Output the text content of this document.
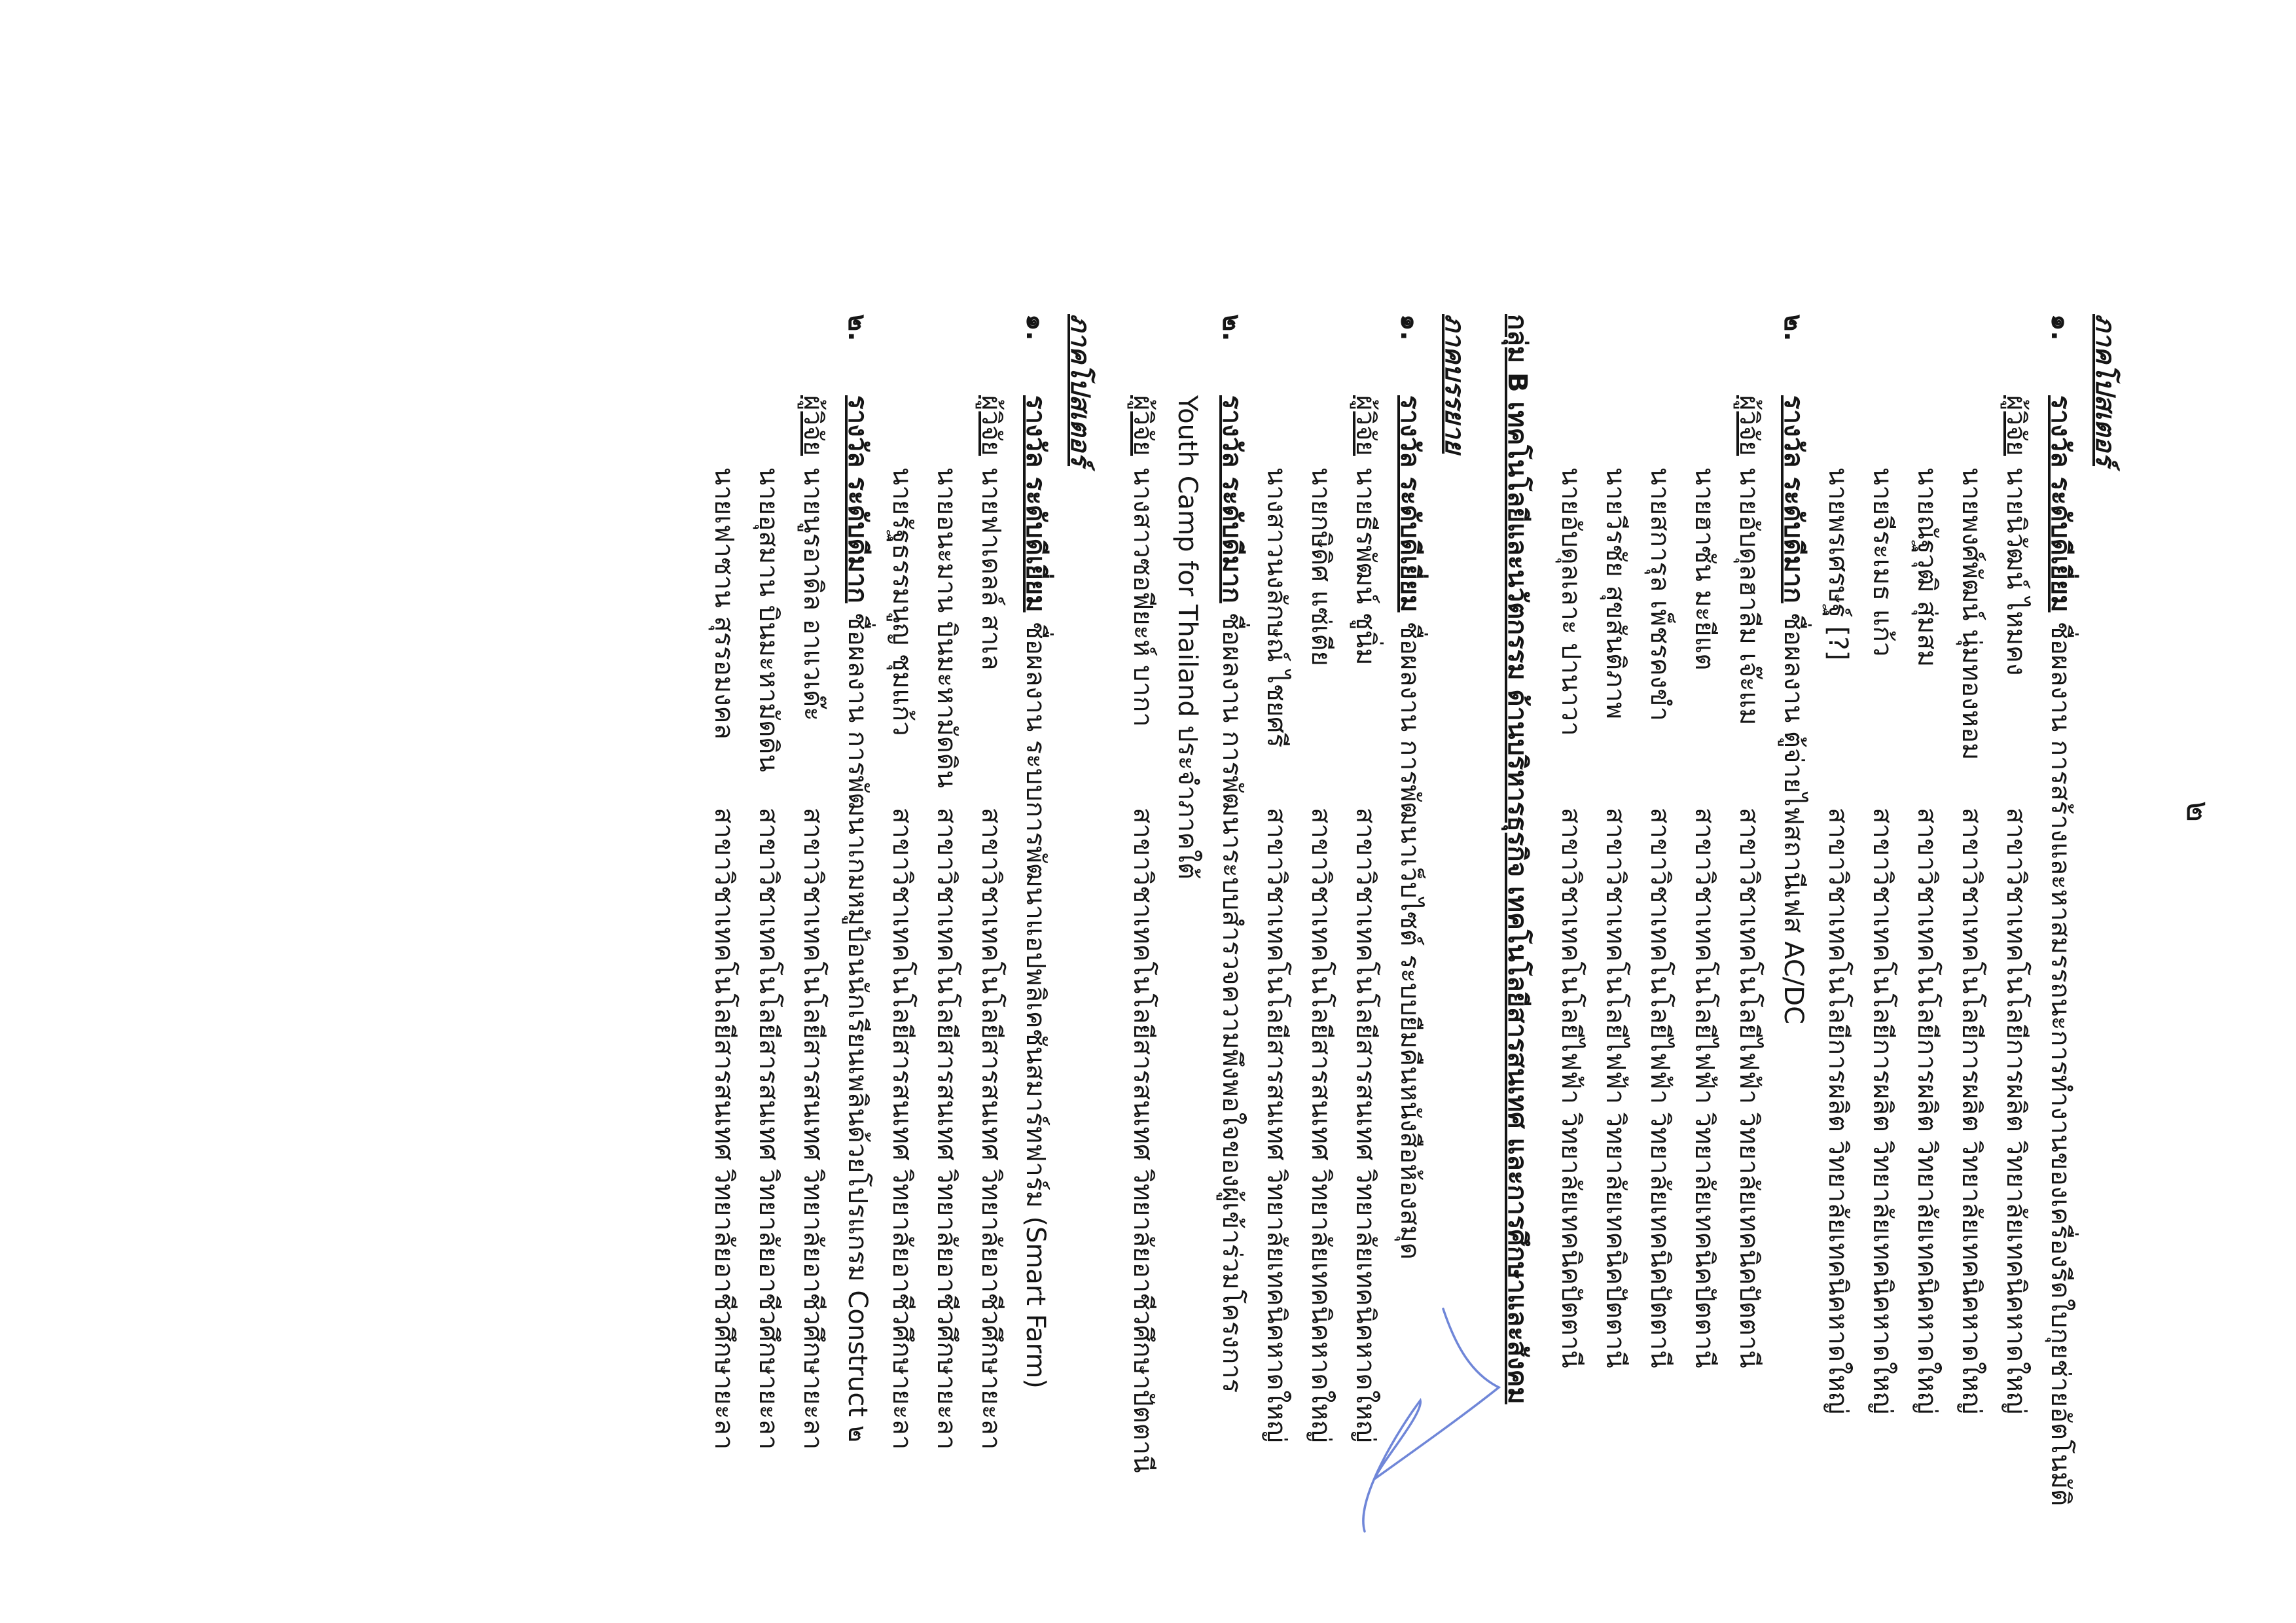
๒
ภาคโปสเตอร์
๑.
รางวัล ระดับดีเยี่ยม
ชื่อผลงาน การสร้างและหาสมรรถนะการทำงานของเครื่องรีดใบกุยช่ายอัตโนมัติ
ผู้วิจัย
นายนิวัฒน์ ไหมคง
สาขาวิชาเทคโนโลยีการผลิต วิทยาลัยเทคนิคหาดใหญ่
นายพงศ์พัฒน์ นุ่มทองหอม
สาขาวิชาเทคโนโลยีการผลิต วิทยาลัยเทคนิคหาดใหญ่
นายณัฐวุฒิ สุ่มสม
สาขาวิชาเทคโนโลยีการผลิต วิทยาลัยเทคนิคหาดใหญ่
นายจีระเมธ แก้ว
สาขาวิชาเทคโนโลยีการผลิต วิทยาลัยเทคนิคหาดใหญ่
นายพรเศรษฐ์ [?]
สาขาวิชาเทคโนโลยีการผลิต วิทยาลัยเทคนิคหาดใหญ่
๒.
รางวัล ระดับดีมาก
ชื่อผลงาน ตู้จ่ายไฟสถานีเฟส AC/DC
ผู้วิจัย
นายอับดุลฮาลีม เจ๊ะแม
สาขาวิชาเทคโนโลยีไฟฟ้า วิทยาลัยเทคนิคปัตตานี
นายฮาซัน มะยีแต
สาขาวิชาเทคโนโลยีไฟฟ้า วิทยาลัยเทคนิคปัตตานี
นายสการุล เพ็ชรคงขำ
สาขาวิชาเทคโนโลยีไฟฟ้า วิทยาลัยเทคนิคปัตตานี
นายวีรชัย สุขสันติภาพ
สาขาวิชาเทคโนโลยีไฟฟ้า วิทยาลัยเทคนิคปัตตานี
นายอับดุลเลาะ ปานาวา
สาขาวิชาเทคโนโลยีไฟฟ้า วิทยาลัยเทคนิคปัตตานี
กลุ่ม B เทคโนโลยีและนวัตกรรม ด้านบริหารธุรกิจ เทคโนโลยีสารสนเทศ และการศึกษาและสังคม
ภาคบรรยาย
๑.
รางวัล ระดับดีเยี่ยม
ชื่อผลงาน การพัฒนาเว็บไซต์ ระบบยืมคืนหนังสือห้องสมุด
ผู้วิจัย
นายธีรพัฒน์ ชูนิ่ม
สาขาวิชาเทคโนโลยีสารสนเทศ วิทยาลัยเทคนิคหาดใหญ่
นายกษิดิศ แซ่เตีย
สาขาวิชาเทคโนโลยีสารสนเทศ วิทยาลัยเทคนิคหาดใหญ่
นางสาวนงลักษณ์ ไชยศรี
สาขาวิชาเทคโนโลยีสารสนเทศ วิทยาลัยเทคนิคหาดใหญ่
๒.
รางวัล ระดับดีมาก
ชื่อผลงาน การพัฒนาระบบสำรวจความพึงพอใจของผู้เข้าร่วมโครงการ
Youth Camp for Thailand ประจำภาคใต้
ผู้วิจัย
นางสาวซอฟียะห์ บากา
สาขาวิชาเทคโนโลยีสารสนเทศ วิทยาลัยอาชีวศึกษาปัตตานี
ภาคโปสเตอร์
๑.
รางวัล ระดับดีเยี่ยม
ชื่อผลงาน ระบบการพัฒนาแอปพลิเคชันสมาร์ทฟาร์ม (Smart Farm)
ผู้วิจัย
นายฟาเดลล์ สาเล
สาขาวิชาเทคโนโลยีสารสนเทศ วิทยาลัยอาชีวศึกษายะลา
นายอนะมาน บินมะหามัดดิน
สาขาวิชาเทคโนโลยีสารสนเทศ วิทยาลัยอาชีวศึกษายะลา
นายรัฐธรรมนูญ ชุมแก้ว
สาขาวิชาเทคโนโลยีสารสนเทศ วิทยาลัยอาชีวศึกษายะลา
๒.
รางวัล ระดับดีมาก
ชื่อผลงาน การพัฒนาเกมหมูป้อนนักเรียนเพลินด้วยโปรแกรม Construct ๒
ผู้วิจัย
นายนูรอาดิล อาแวเด๊ะ
สาขาวิชาเทคโนโลยีสารสนเทศ วิทยาลัยอาชีวศึกษายะลา
นายอุสมาน บินมะหามัดดิน
สาขาวิชาเทคโนโลยีสารสนเทศ วิทยาลัยอาชีวศึกษายะลา
นายเฟาซาน สุรรอมงคล
สาขาวิชาเทคโนโลยีสารสนเทศ วิทยาลัยอาชีวศึกษายะลา
